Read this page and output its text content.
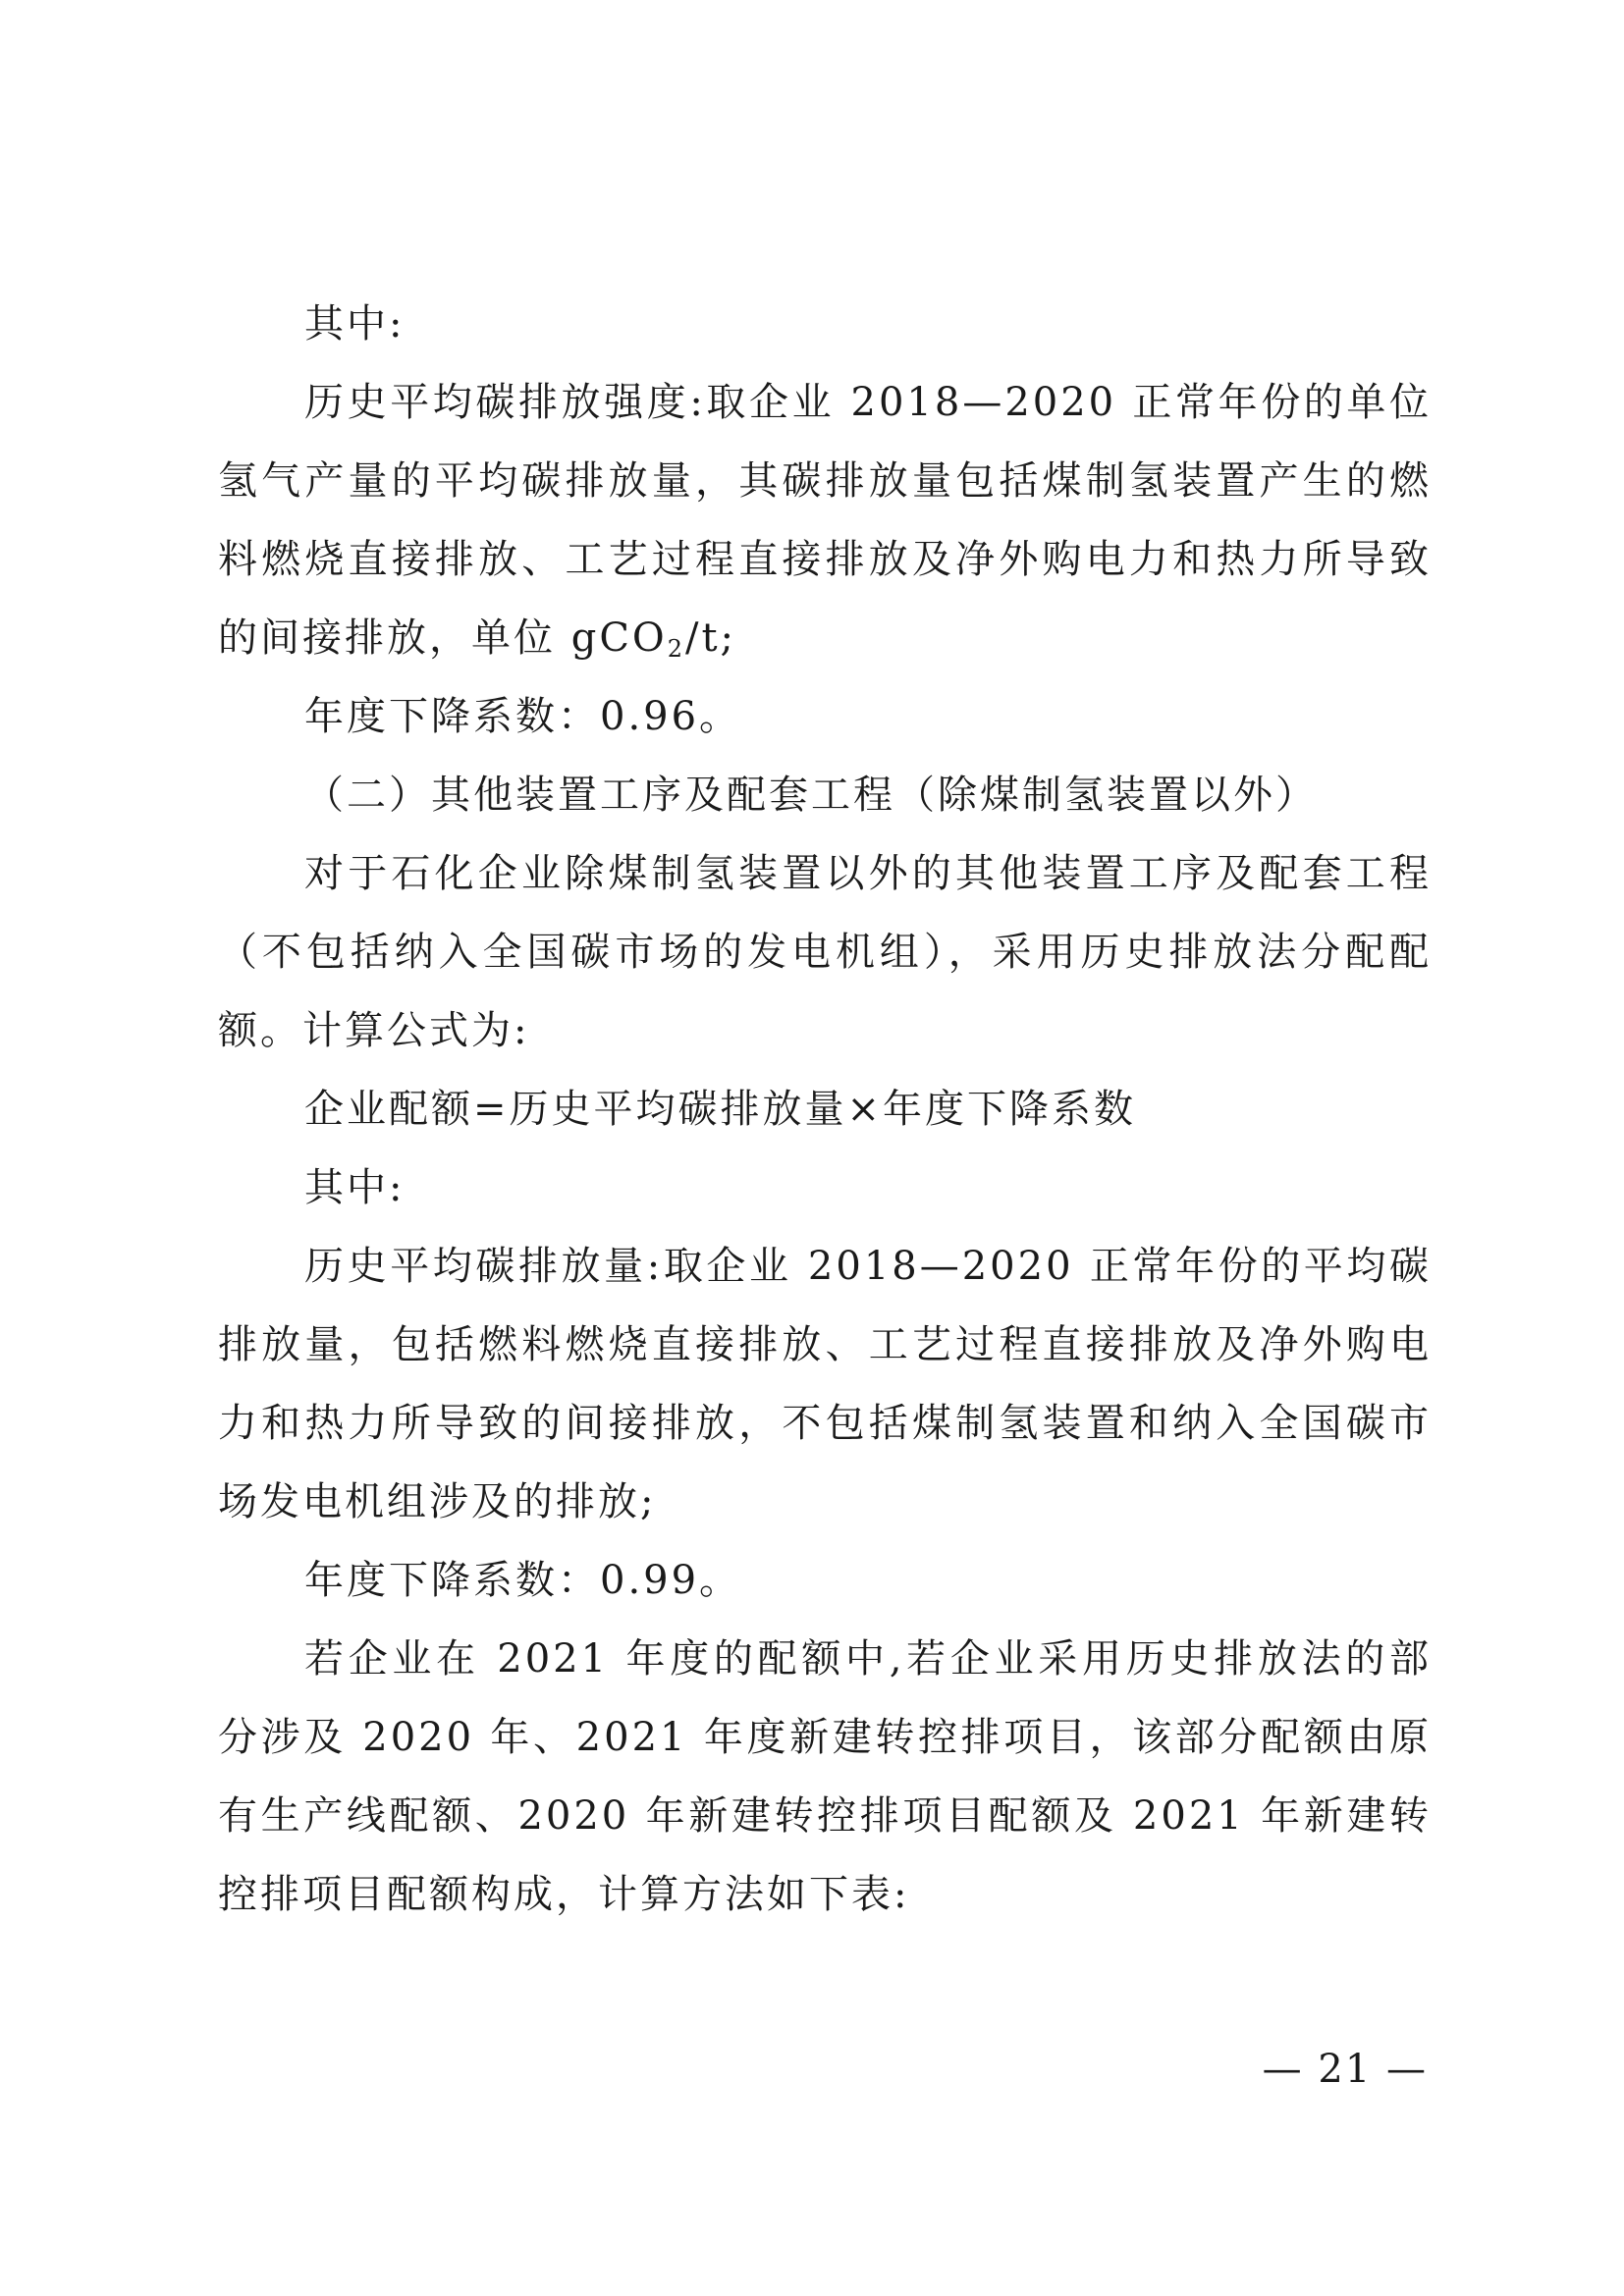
其中:

历史平均碳排放强度:取企业 2018—2020 正常年份的单位氢气产量的平均碳排放量，其碳排放量包括煤制氢装置产生的燃料燃烧直接排放、工艺过程直接排放及净外购电力和热力所导致的间接排放，单位 gCO$_2$/t;

年度下降系数：0.96。

（二）其他装置工序及配套工程（除煤制氢装置以外）

对于石化企业除煤制氢装置以外的其他装置工序及配套工程（不包括纳入全国碳市场的发电机组），采用历史排放法分配配额。计算公式为:

企业配额=历史平均碳排放量×年度下降系数

其中:

历史平均碳排放量:取企业 2018—2020 正常年份的平均碳排放量，包括燃料燃烧直接排放、工艺过程直接排放及净外购电力和热力所导致的间接排放，不包括煤制氢装置和纳入全国碳市场发电机组涉及的排放;

年度下降系数：0.99。

若企业在 2021 年度的配额中,若企业采用历史排放法的部分涉及 2020 年、2021 年度新建转控排项目，该部分配额由原有生产线配额、2020 年新建转控排项目配额及 2021 年新建转控排项目配额构成，计算方法如下表:

— 21 —
